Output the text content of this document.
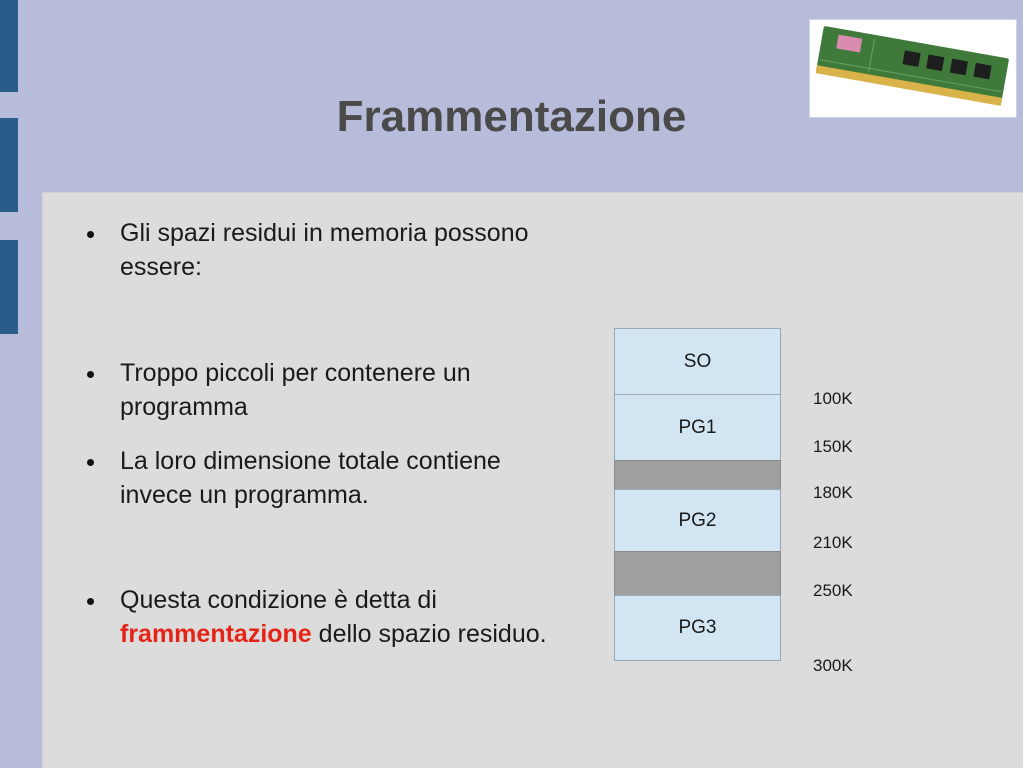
Frammentazione
Gli spazi residui in memoria possono essere:
Troppo piccoli per contenere un programma
La loro dimensione totale contiene invece un programma.
Questa condizione è detta di frammentazione dello spazio residuo.
SO
PG1
PG2
PG3
100K
150K
180K
210K
250K
300K
